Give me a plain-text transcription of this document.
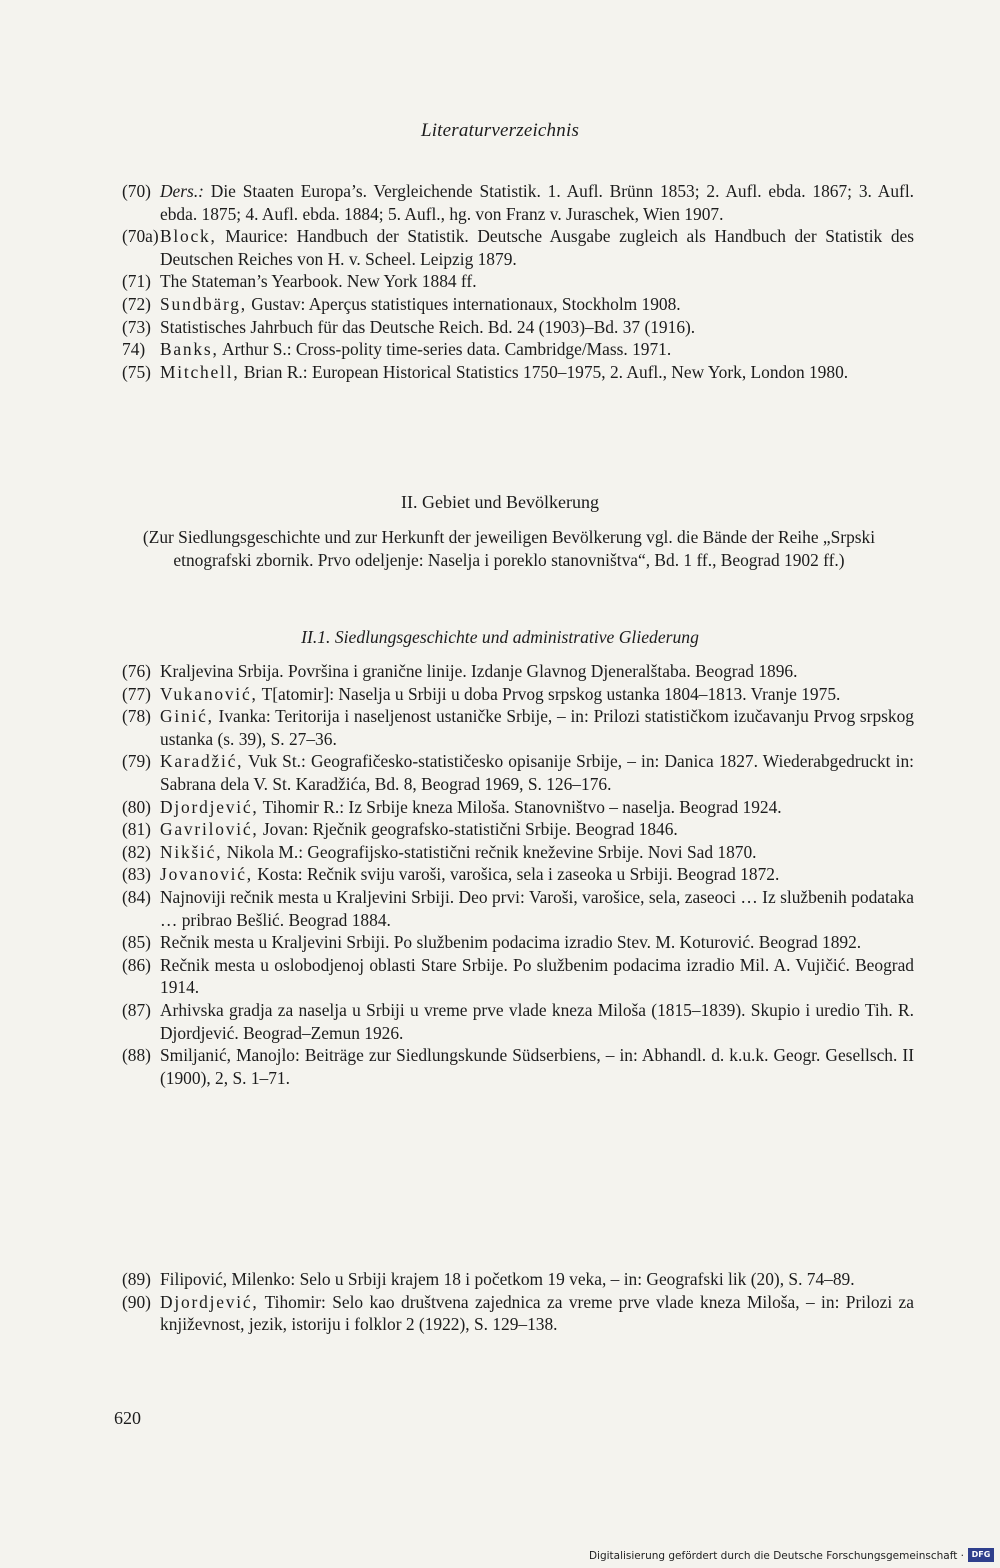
Literaturverzeichnis
(70) Ders.: Die Staaten Europa’s. Vergleichende Statistik. 1. Aufl. Brünn 1853; 2. Aufl. ebda. 1867; 3. Aufl. ebda. 1875; 4. Aufl. ebda. 1884; 5. Aufl., hg. von Franz v. Juraschek, Wien 1907.
(70a) Block, Maurice: Handbuch der Statistik. Deutsche Ausgabe zugleich als Handbuch der Statistik des Deutschen Reiches von H. v. Scheel. Leipzig 1879.
(71) The Stateman’s Yearbook. New York 1884 ff.
(72) Sundbärg, Gustav: Aperçus statistiques internationaux, Stockholm 1908.
(73) Statistisches Jahrbuch für das Deutsche Reich. Bd. 24 (1903)–Bd. 37 (1916).
74) Banks, Arthur S.: Cross-polity time-series data. Cambridge/Mass. 1971.
(75) Mitchell, Brian R.: European Historical Statistics 1750–1975, 2. Aufl., New York, London 1980.
II. Gebiet und Bevölkerung
(Zur Siedlungsgeschichte und zur Herkunft der jeweiligen Bevölkerung vgl. die Bände der Reihe „Srpski etnografski zbornik. Prvo odeljenje: Naselja i poreklo stanovništva“, Bd. 1 ff., Beograd 1902 ff.)
II.1. Siedlungsgeschichte und administrative Gliederung
(76) Kraljevina Srbija. Površina i granične linije. Izdanje Glavnog Djeneralštaba. Beograd 1896.
(77) Vukanović, T[atomir]: Naselja u Srbiji u doba Prvog srpskog ustanka 1804–1813. Vranje 1975.
(78) Ginić, Ivanka: Teritorija i naseljenost ustaničke Srbije, – in: Prilozi statističkom izučavanju Prvog srpskog ustanka (s. 39), S. 27–36.
(79) Karadžić, Vuk St.: Geografičesko-statističesko opisanije Srbije, – in: Danica 1827. Wiederabgedruckt in: Sabrana dela V. St. Karadžića, Bd. 8, Beograd 1969, S. 126–176.
(80) Djordjević, Tihomir R.: Iz Srbije kneza Miloša. Stanovništvo – naselja. Beograd 1924.
(81) Gavrilović, Jovan: Rječnik geografsko-statistični Srbije. Beograd 1846.
(82) Nikšić, Nikola M.: Geografijsko-statistični rečnik kneževine Srbije. Novi Sad 1870.
(83) Jovanović, Kosta: Rečnik sviju varoši, varošica, sela i zaseoka u Srbiji. Beograd 1872.
(84) Najnoviji rečnik mesta u Kraljevini Srbiji. Deo prvi: Varoši, varošice, sela, zaseoci … Iz službenih podataka … pribrao Bešlić. Beograd 1884.
(85) Rečnik mesta u Kraljevini Srbiji. Po službenim podacima izradio Stev. M. Koturović. Beograd 1892.
(86) Rečnik mesta u oslobodjenoj oblasti Stare Srbije. Po službenim podacima izradio Mil. A. Vujičić. Beograd 1914.
(87) Arhivska gradja za naselja u Srbiji u vreme prve vlade kneza Miloša (1815–1839). Skupio i uredio Tih. R. Djordjević. Beograd–Zemun 1926.
(88) Smiljanić, Manojlo: Beiträge zur Siedlungskunde Südserbiens, – in: Abhandl. d. k.u.k. Geogr. Gesellsch. II (1900), 2, S. 1–71.
(89) Filipović, Milenko: Selo u Srbiji krajem 18 i početkom 19 veka, – in: Geografski lik (20), S. 74–89.
(90) Djordjević, Tihomir: Selo kao društvena zajednica za vreme prve vlade kneza Miloša, – in: Prilozi za književnost, jezik, istoriju i folklor 2 (1922), S. 129–138.
620
Digitalisierung gefördert durch die Deutsche Forschungsgemeinschaft · DFG
